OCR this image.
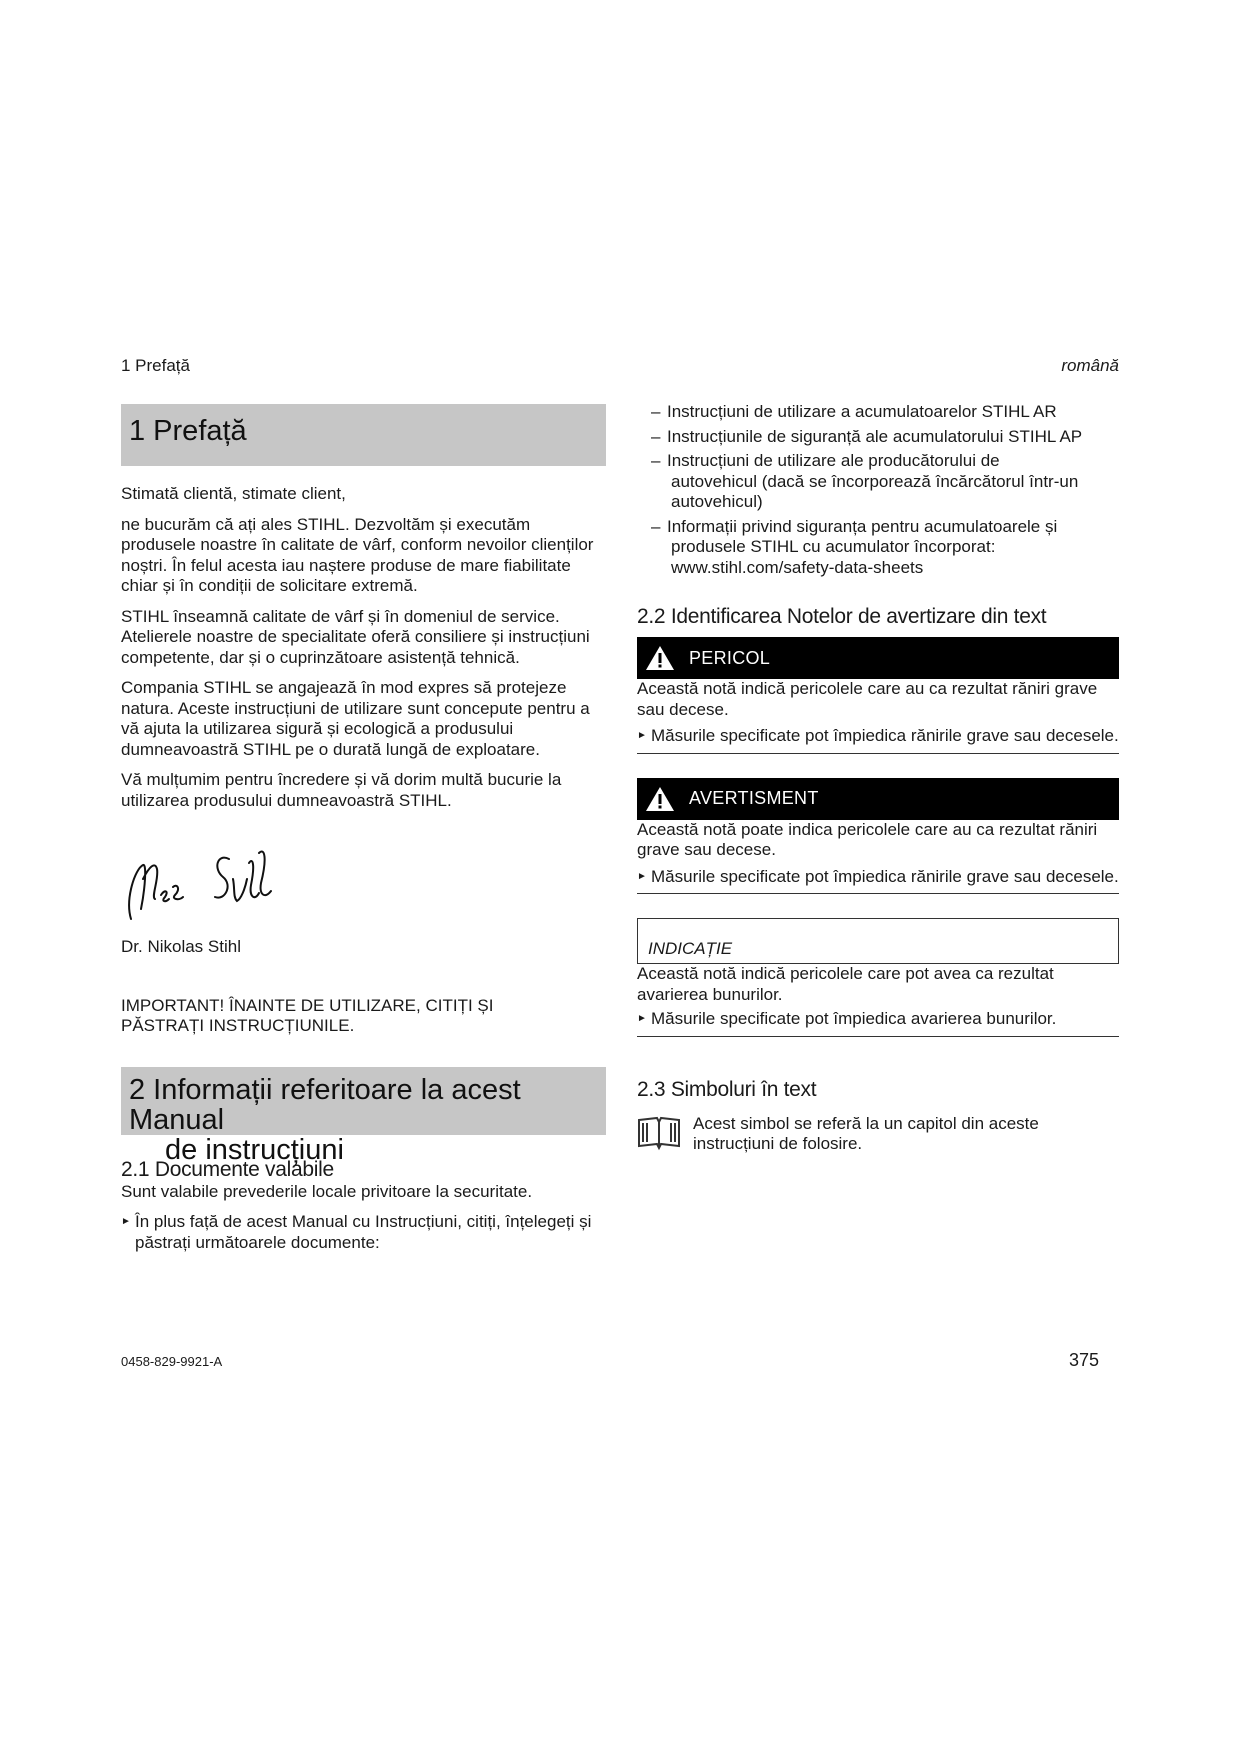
1 Prefață	română
1 Prefață

Stimată clientă, stimate client,

ne bucurăm că ați ales STIHL. Dezvoltăm și executăm produsele noastre în calitate de vârf, conform nevoilor clienților noștri. În felul acesta iau naștere produse de mare fiabilitate chiar și în condiții de solicitare extremă.

STIHL înseamnă calitate de vârf și în domeniul de service. Atelierele noastre de specialitate oferă consiliere și instrucțiuni competente, dar și o cuprinzătoare asistență tehnică.

Compania STIHL se angajează în mod expres să protejeze natura. Aceste instrucțiuni de utilizare sunt concepute pentru a vă ajuta la utilizarea sigură și ecologică a produsului dumneavoastră STIHL pe o durată lungă de exploatare.

Vă mulțumim pentru încredere și vă dorim multă bucurie la utilizarea produsului dumneavoastră STIHL.

Dr. Nikolas Stihl

IMPORTANT! ÎNAINTE DE UTILIZARE, CITIȚI ȘI PĂSTRAȚI INSTRUCȚIUNILE.

2 Informații referitoare la acest Manual
de instrucțiuni
2.1 Documente valabile

Sunt valabile prevederile locale privitoare la securitate.

► În plus față de acest Manual cu Instrucțiuni, citiți, înțelegeți și păstrați următoarele documente:
– Instrucțiuni de utilizare a acumulatoarelor STIHL AR
– Instrucțiunile de siguranță ale acumulatorului STIHL AP
– Instrucțiuni de utilizare ale producătorului de
autovehicul (dacă se încorporează încărcătorul într-un autovehicul)
– Informații privind siguranța pentru acumulatoarele și
produsele STIHL cu acumulator încorporat: www.stihl.com/safety-data-sheets
2.2 Identificarea Notelor de avertizare din text
PERICOL

Această notă indică pericolele care au ca rezultat răniri grave sau decese.

► Măsurile specificate pot împiedica rănirile grave sau decesele.
AVERTISMENT

Această notă poate indica pericolele care au ca rezultat răniri grave sau decese.

► Măsurile specificate pot împiedica rănirile grave sau decesele.
INDICAȚIE

Această notă indică pericolele care pot avea ca rezultat avarierea bunurilor.

► Măsurile specificate pot împiedica avarierea bunurilor.
2.3 Simboluri în text

Acest simbol se referă la un capitol din aceste instrucțiuni de folosire.

0458-829-9921-A	375
